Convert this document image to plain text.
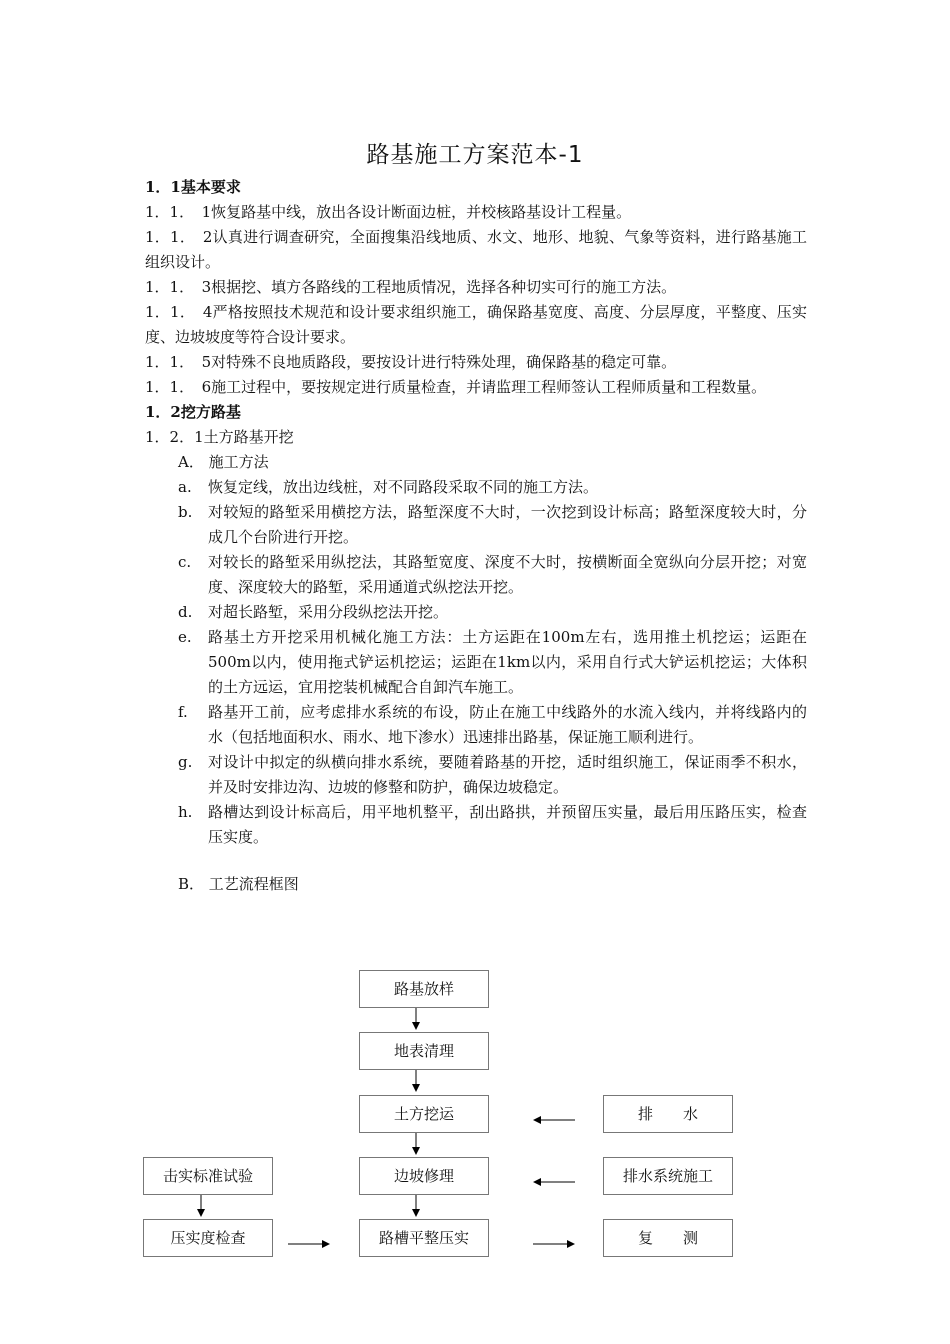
路基施工方案范本-1

1．1基本要求

1．1．　1恢复路基中线，放出各设计断面边桩，并校核路基设计工程量。

1．1．　2认真进行调查研究，全面搜集沿线地质、水文、地形、地貌、气象等资料，进行路基施工组织设计。

1．1．　3根据挖、填方各路线的工程地质情况，选择各种切实可行的施工方法。

1．1．　4严格按照技术规范和设计要求组织施工，确保路基宽度、高度、分层厚度，平整度、压实度、边坡坡度等符合设计要求。

1．1．　5对特殊不良地质路段，要按设计进行特殊处理，确保路基的稳定可靠。

1．1．　6施工过程中，要按规定进行质量检查，并请监理工程师签认工程师质量和工程数量。

1．2挖方路基

1．2．1土方路基开挖

A． 施工方法

a. 恢复定线，放出边线桩，对不同路段采取不同的施工方法。
b. 对较短的路堑采用横挖方法，路堑深度不大时，一次挖到设计标高；路堑深度较大时，分成几个台阶进行开挖。
c. 对较长的路堑采用纵挖法，其路堑宽度、深度不大时，按横断面全宽纵向分层开挖；对宽度、深度较大的路堑，采用通道式纵挖法开挖。
d. 对超长路堑，采用分段纵挖法开挖。
e. 路基土方开挖采用机械化施工方法：土方运距在100m左右，选用推土机挖运；运距在500m以内，使用拖式铲运机挖运；运距在1km以内，采用自行式大铲运机挖运；大体积的土方远运，宜用挖装机械配合自卸汽车施工。
f. 路基开工前，应考虑排水系统的布设，防止在施工中线路外的水流入线内，并将线路内的水（包括地面积水、雨水、地下渗水）迅速排出路基，保证施工顺利进行。
g. 对设计中拟定的纵横向排水系统，要随着路基的开挖，适时组织施工，保证雨季不积水，并及时安排边沟、边坡的修整和防护，确保边坡稳定。
h. 路槽达到设计标高后，用平地机整平，刮出路拱，并预留压实量，最后用压路压实，检查压实度。

B． 工艺流程框图

路基放样
地表清理
土方挖运
边坡修理
路槽平整压实
击实标准试验
压实度检查
排　　水
排水系统施工
复　　测
